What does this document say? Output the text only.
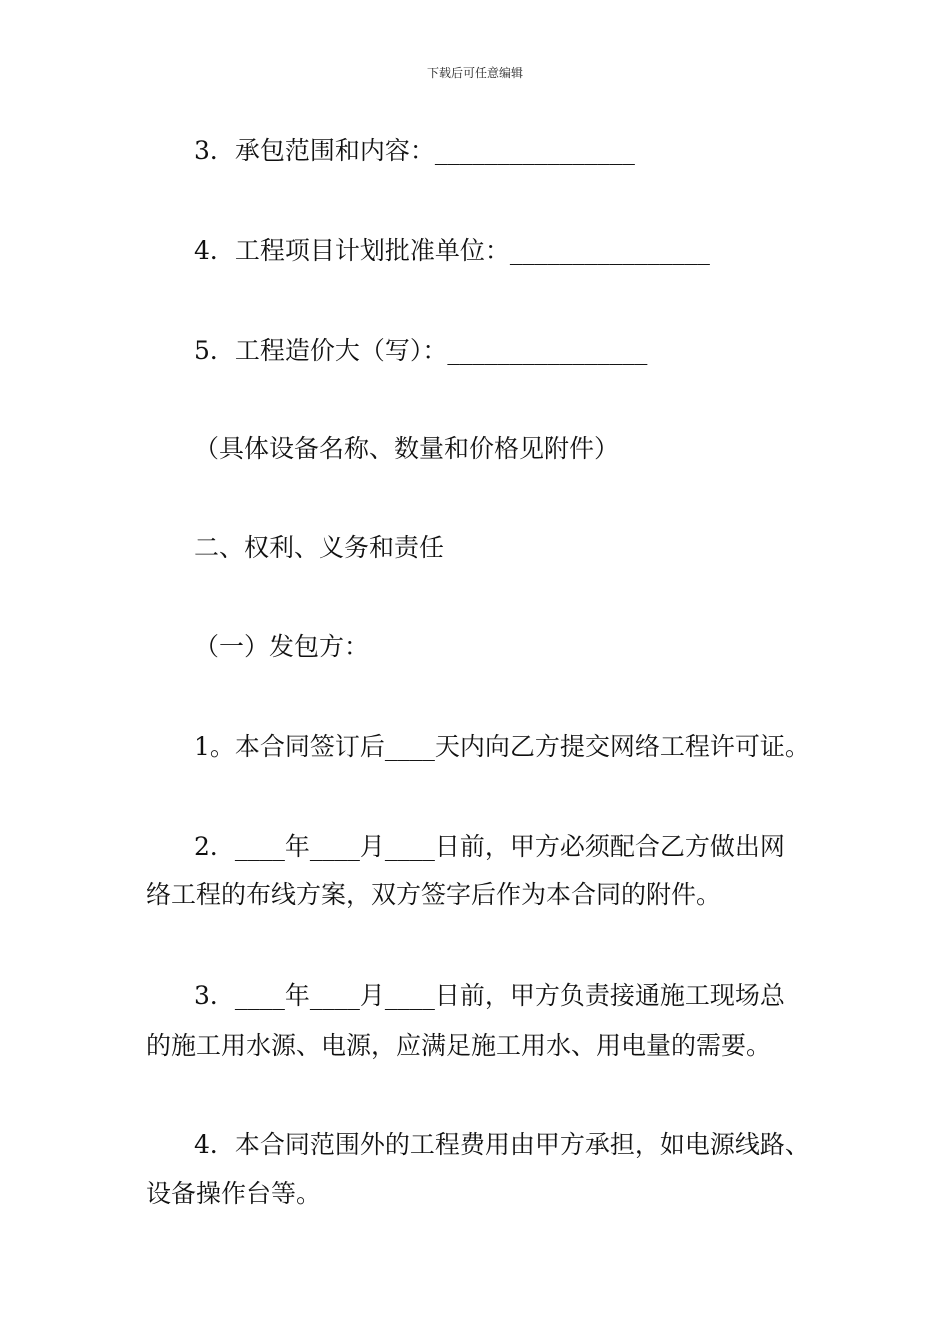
下载后可任意编辑
3．承包范围和内容：________________
4．工程项目计划批准单位：________________
5．工程造价大（写）：________________
（具体设备名称、数量和价格见附件）
二、权利、义务和责任
（一）发包方：
1。本合同签订后____天内向乙方提交网络工程许可证。
2．____年____月____日前，甲方必须配合乙方做出网
络工程的布线方案，双方签字后作为本合同的附件。
3．____年____月____日前，甲方负责接通施工现场总
的施工用水源、电源，应满足施工用水、用电量的需要。
4．本合同范围外的工程费用由甲方承担，如电源线路、
设备操作台等。
